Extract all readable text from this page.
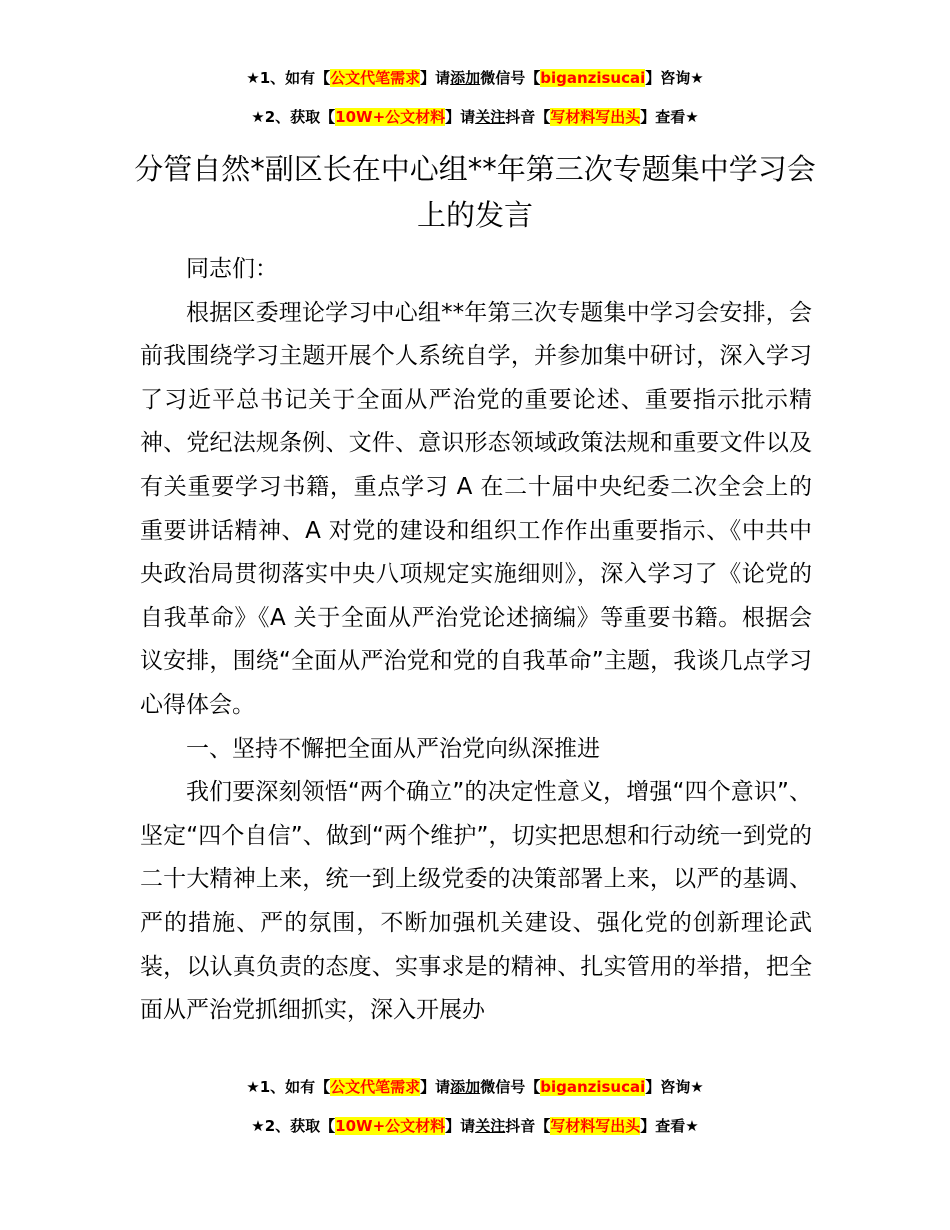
★1、如有【公文代笔需求】请添加微信号【biganzisucai】咨询★
★2、获取【10W+公文材料】请关注抖音【写材料写出头】查看★
分管自然*副区长在中心组**年第三次专题集中学习会上的发言

同志们：

根据区委理论学习中心组**年第三次专题集中学习会安排，会前我围绕学习主题开展个人系统自学，并参加集中研讨，深入学习了习近平总书记关于全面从严治党的重要论述、重要指示批示精神、党纪法规条例、文件、意识形态领域政策法规和重要文件以及有关重要学习书籍，重点学习 A 在二十届中央纪委二次全会上的重要讲话精神、A 对党的建设和组织工作作出重要指示、《中共中央政治局贯彻落实中央八项规定实施细则》，深入学习了《论党的自我革命》《A 关于全面从严治党论述摘编》等重要书籍。根据会议安排，围绕“全面从严治党和党的自我革命”主题，我谈几点学习心得体会。

一、坚持不懈把全面从严治党向纵深推进

我们要深刻领悟“两个确立”的决定性意义，增强“四个意识”、坚定“四个自信”、做到“两个维护”，切实把思想和行动统一到党的二十大精神上来，统一到上级党委的决策部署上来，以严的基调、严的措施、严的氛围，不断加强机关建设、强化党的创新理论武装，以认真负责的态度、实事求是的精神、扎实管用的举措，把全面从严治党抓细抓实，深入开展办

★1、如有【公文代笔需求】请添加微信号【biganzisucai】咨询★
★2、获取【10W+公文材料】请关注抖音【写材料写出头】查看★
